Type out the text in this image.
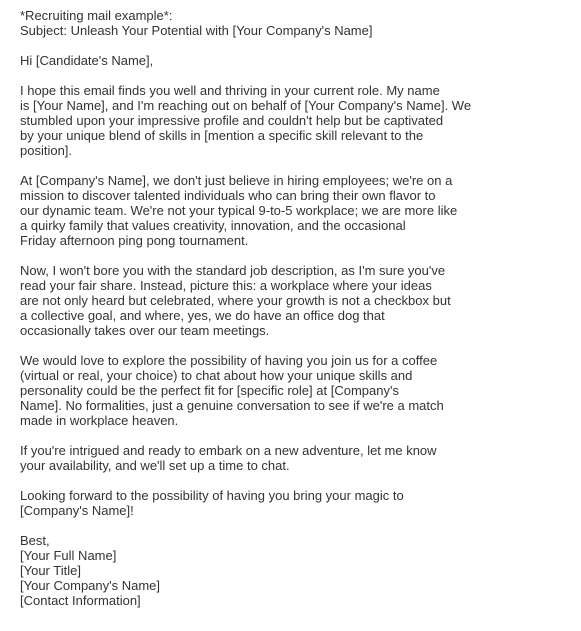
*Recruiting mail example*:
Subject: Unleash Your Potential with [Your Company's Name]
Hi [Candidate's Name],
I hope this email finds you well and thriving in your current role. My name
is [Your Name], and I'm reaching out on behalf of [Your Company's Name]. We
stumbled upon your impressive profile and couldn't help but be captivated
by your unique blend of skills in [mention a specific skill relevant to the
position].
At [Company's Name], we don't just believe in hiring employees; we're on a
mission to discover talented individuals who can bring their own flavor to
our dynamic team. We're not your typical 9-to-5 workplace; we are more like
a quirky family that values creativity, innovation, and the occasional
Friday afternoon ping pong tournament.
Now, I won't bore you with the standard job description, as I'm sure you've
read your fair share. Instead, picture this: a workplace where your ideas
are not only heard but celebrated, where your growth is not a checkbox but
a collective goal, and where, yes, we do have an office dog that
occasionally takes over our team meetings.
We would love to explore the possibility of having you join us for a coffee
(virtual or real, your choice) to chat about how your unique skills and
personality could be the perfect fit for [specific role] at [Company's
Name]. No formalities, just a genuine conversation to see if we're a match
made in workplace heaven.
If you're intrigued and ready to embark on a new adventure, let me know
your availability, and we'll set up a time to chat.
Looking forward to the possibility of having you bring your magic to
[Company's Name]!
Best,
[Your Full Name]
[Your Title]
[Your Company's Name]
[Contact Information]
